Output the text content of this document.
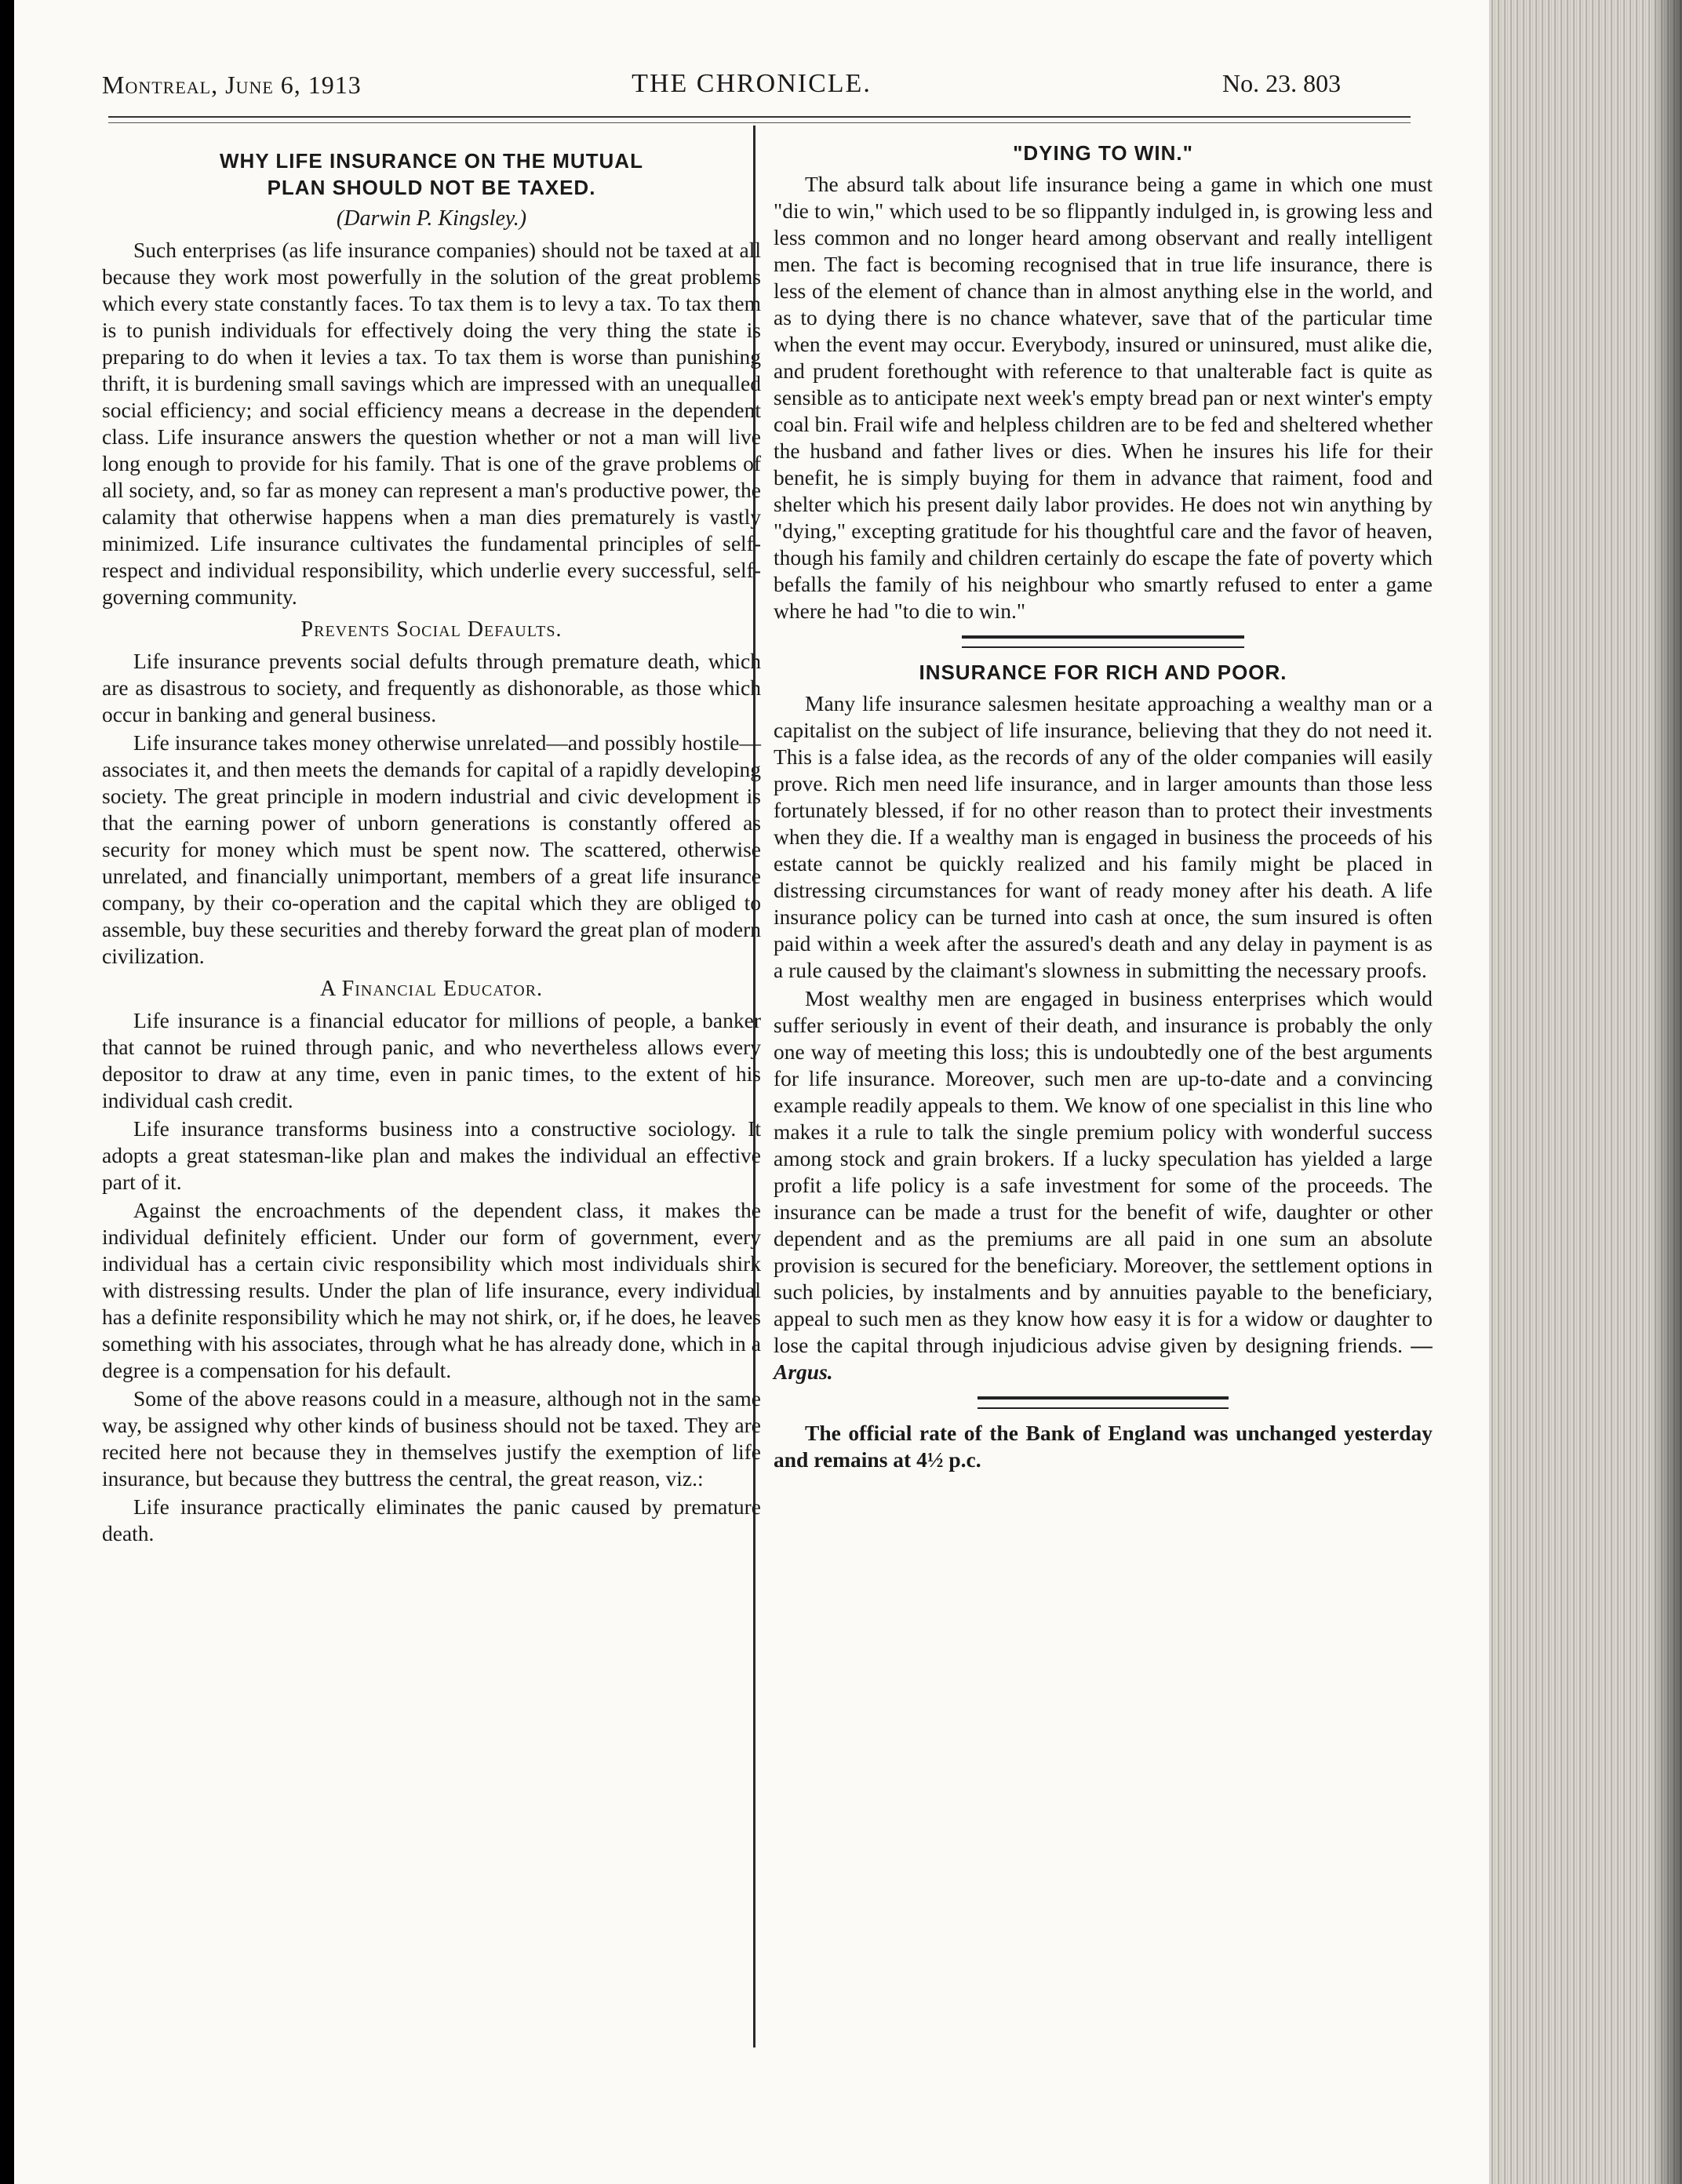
Montreal, June 6, 1913	THE CHRONICLE.	No. 23. 803
WHY LIFE INSURANCE ON THE MUTUAL
PLAN SHOULD NOT BE TAXED.
(Darwin P. Kingsley.)

Such enterprises (as life insurance companies) should not be taxed at all because they work most powerfully in the solution of the great problems which every state constantly faces. To tax them is to levy a tax. To tax them is to punish individuals for effectively doing the very thing the state is preparing to do when it levies a tax. To tax them is worse than punishing thrift, it is burdening small savings which are impressed with an unequalled social efficiency; and social efficiency means a decrease in the dependent class. Life insurance answers the question whether or not a man will live long enough to provide for his family. That is one of the grave problems of all society, and, so far as money can represent a man's productive power, the calamity that otherwise happens when a man dies prematurely is vastly minimized. Life insurance cultivates the fundamental principles of self-respect and individual responsibility, which underlie every successful, self-governing community.

Prevents Social Defaults.

Life insurance prevents social defults through premature death, which are as disastrous to society, and frequently as dishonorable, as those which occur in banking and general business.

Life insurance takes money otherwise unrelated—and possibly hostile—associates it, and then meets the demands for capital of a rapidly developing society. The great principle in modern industrial and civic development is that the earning power of unborn generations is constantly offered as security for money which must be spent now. The scattered, otherwise unrelated, and financially unimportant, members of a great life insurance company, by their co-operation and the capital which they are obliged to assemble, buy these securities and thereby forward the great plan of modern civilization.

A Financial Educator.

Life insurance is a financial educator for millions of people, a banker that cannot be ruined through panic, and who nevertheless allows every depositor to draw at any time, even in panic times, to the extent of his individual cash credit.

Life insurance transforms business into a constructive sociology. It adopts a great statesman-like plan and makes the individual an effective part of it.

Against the encroachments of the dependent class, it makes the individual definitely efficient. Under our form of government, every individual has a certain civic responsibility which most individuals shirk with distressing results. Under the plan of life insurance, every individual has a definite responsibility which he may not shirk, or, if he does, he leaves something with his associates, through what he has already done, which in a degree is a compensation for his default.

Some of the above reasons could in a measure, although not in the same way, be assigned why other kinds of business should not be taxed. They are recited here not because they in themselves justify the exemption of life insurance, but because they buttress the central, the great reason, viz.:

Life insurance practically eliminates the panic caused by premature death.

"DYING TO WIN."

The absurd talk about life insurance being a game in which one must "die to win," which used to be so flippantly indulged in, is growing less and less common and no longer heard among observant and really intelligent men. The fact is becoming recognised that in true life insurance, there is less of the element of chance than in almost anything else in the world, and as to dying there is no chance whatever, save that of the particular time when the event may occur. Everybody, insured or uninsured, must alike die, and prudent forethought with reference to that unalterable fact is quite as sensible as to anticipate next week's empty bread pan or next winter's empty coal bin. Frail wife and helpless children are to be fed and sheltered whether the husband and father lives or dies. When he insures his life for their benefit, he is simply buying for them in advance that raiment, food and shelter which his present daily labor provides. He does not win anything by "dying," excepting gratitude for his thoughtful care and the favor of heaven, though his family and children certainly do escape the fate of poverty which befalls the family of his neighbour who smartly refused to enter a game where he had "to die to win."

INSURANCE FOR RICH AND POOR.

Many life insurance salesmen hesitate approaching a wealthy man or a capitalist on the subject of life insurance, believing that they do not need it. This is a false idea, as the records of any of the older companies will easily prove. Rich men need life insurance, and in larger amounts than those less fortunately blessed, if for no other reason than to protect their investments when they die. If a wealthy man is engaged in business the proceeds of his estate cannot be quickly realized and his family might be placed in distressing circumstances for want of ready money after his death. A life insurance policy can be turned into cash at once, the sum insured is often paid within a week after the assured's death and any delay in payment is as a rule caused by the claimant's slowness in submitting the necessary proofs.

Most wealthy men are engaged in business enterprises which would suffer seriously in event of their death, and insurance is probably the only one way of meeting this loss; this is undoubtedly one of the best arguments for life insurance. Moreover, such men are up-to-date and a convincing example readily appeals to them. We know of one specialist in this line who makes it a rule to talk the single premium policy with wonderful success among stock and grain brokers. If a lucky speculation has yielded a large profit a life policy is a safe investment for some of the proceeds. The insurance can be made a trust for the benefit of wife, daughter or other dependent and as the premiums are all paid in one sum an absolute provision is secured for the beneficiary. Moreover, the settlement options in such policies, by instalments and by annuities payable to the beneficiary, appeal to such men as they know how easy it is for a widow or daughter to lose the capital through injudicious advise given by designing friends. —Argus.

The official rate of the Bank of England was unchanged yesterday and remains at 4½ p.c.
